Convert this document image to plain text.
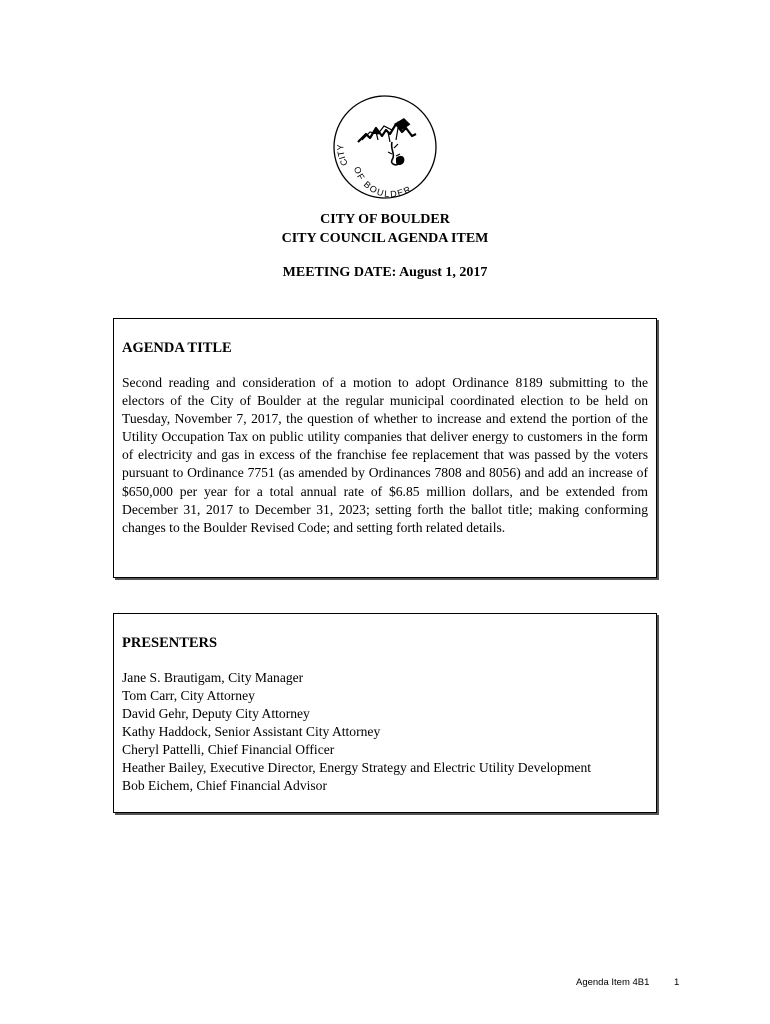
CITY
OF BOULDER
CITY OF BOULDER
CITY COUNCIL AGENDA ITEM
MEETING DATE: August 1, 2017
AGENDA TITLE
Second reading and consideration of a motion to adopt Ordinance 8189 submitting to the electors of the City of Boulder at the regular municipal coordinated election to be held on Tuesday, November 7, 2017, the question of whether to increase and extend the portion of the Utility Occupation Tax on public utility companies that deliver energy to customers in the form of electricity and gas in excess of the franchise fee replacement that was passed by the voters pursuant to Ordinance 7751 (as amended by Ordinances 7808 and 8056) and add an increase of $650,000 per year for a total annual rate of $6.85 million dollars, and be extended from December 31, 2017 to December 31, 2023; setting forth the ballot title; making conforming changes to the Boulder Revised Code; and setting forth related details.
PRESENTERS
Jane S. Brautigam, City Manager
Tom Carr, City Attorney
David Gehr, Deputy City Attorney
Kathy Haddock, Senior Assistant City Attorney
Cheryl Pattelli, Chief Financial Officer
Heather Bailey, Executive Director, Energy Strategy and Electric Utility Development
Bob Eichem, Chief Financial Advisor
Agenda Item 4B1	1
